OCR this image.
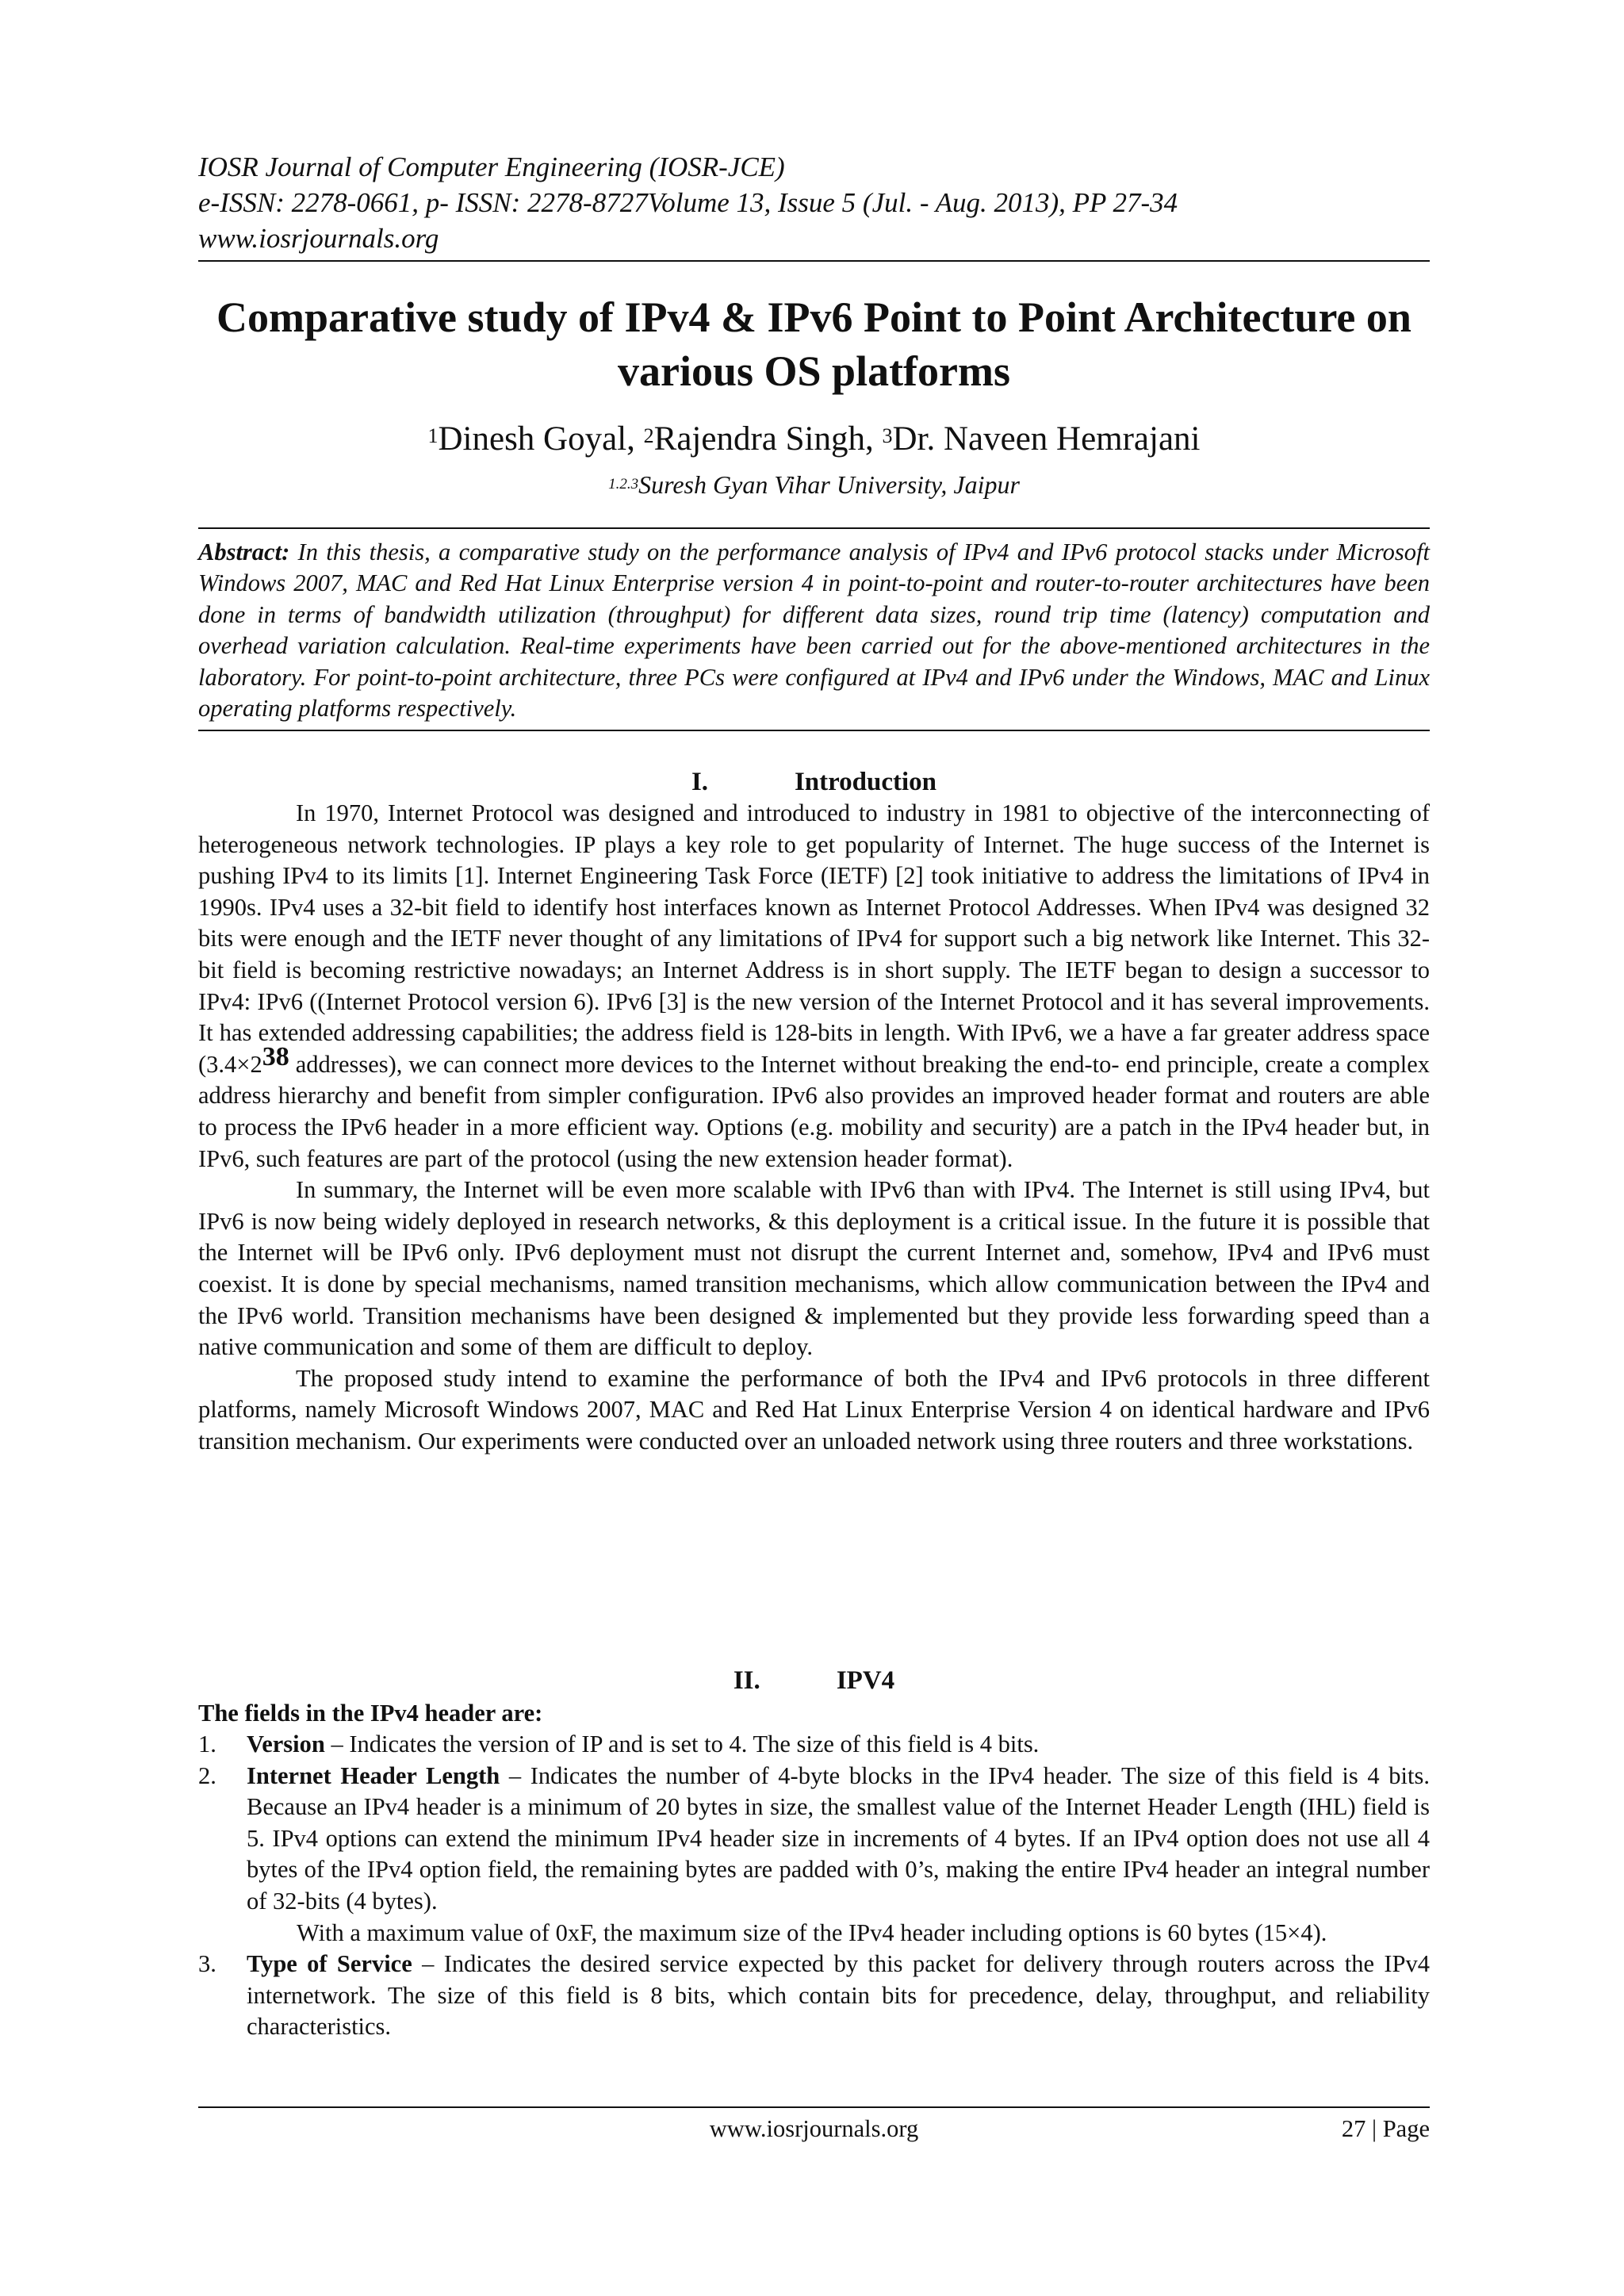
IOSR Journal of Computer Engineering (IOSR-JCE)
e-ISSN: 2278-0661, p- ISSN: 2278-8727Volume 13, Issue 5 (Jul. - Aug. 2013), PP 27-34
www.iosrjournals.org
Comparative study of IPv4 & IPv6 Point to Point Architecture on
various OS platforms
$^1$Dinesh Goyal, $^2$Rajendra Singh, $^3$Dr. Naveen Hemrajani
$^{1.2.3}$Suresh Gyan Vihar University, Jaipur
Abstract: In this thesis, a comparative study on the performance analysis of IPv4 and IPv6 protocol stacks under Microsoft Windows 2007, MAC and Red Hat Linux Enterprise version 4 in point-to-point and router-to-router architectures have been done in terms of bandwidth utilization (throughput) for different data sizes, round trip time (latency) computation and overhead variation calculation. Real-time experiments have been carried out for the above-mentioned architectures in the laboratory. For point-to-point architecture, three PCs were configured at IPv4 and IPv6 under the Windows, MAC and Linux operating platforms respectively.
I.	Introduction

In 1970, Internet Protocol was designed and introduced to industry in 1981 to objective of the interconnecting of heterogeneous network technologies. IP plays a key role to get popularity of Internet. The huge success of the Internet is pushing IPv4 to its limits [1]. Internet Engineering Task Force (IETF) [2] took initiative to address the limitations of IPv4 in 1990s. IPv4 uses a 32-bit field to identify host interfaces known as Internet Protocol Addresses. When IPv4 was designed 32 bits were enough and the IETF never thought of any limitations of IPv4 for support such a big network like Internet. This 32-bit field is becoming restrictive nowadays; an Internet Address is in short supply. The IETF began to design a successor to IPv4: IPv6 ((Internet Protocol version 6). IPv6 [3] is the new version of the Internet Protocol and it has several improvements. It has extended addressing capabilities; the address field is 128-bits in length. With IPv6, we a have a far greater address space (3.4×238 addresses), we can connect more devices to the Internet without breaking the end-to- end principle, create a complex address hierarchy and benefit from simpler configuration. IPv6 also provides an improved header format and routers are able to process the IPv6 header in a more efficient way. Options (e.g. mobility and security) are a patch in the IPv4 header but, in IPv6, such features are part of the protocol (using the new extension header format).

In summary, the Internet will be even more scalable with IPv6 than with IPv4. The Internet is still using IPv4, but IPv6 is now being widely deployed in research networks, & this deployment is a critical issue. In the future it is possible that the Internet will be IPv6 only. IPv6 deployment must not disrupt the current Internet and, somehow, IPv4 and IPv6 must coexist. It is done by special mechanisms, named transition mechanisms, which allow communication between the IPv4 and the IPv6 world. Transition mechanisms have been designed & implemented but they provide less forwarding speed than a native communication and some of them are difficult to deploy.

The proposed study intend to examine the performance of both the IPv4 and IPv6 protocols in three different platforms, namely Microsoft Windows 2007, MAC and Red Hat Linux Enterprise Version 4 on identical hardware and IPv6 transition mechanism. Our experiments were conducted over an unloaded network using three routers and three workstations.

II.	IPV4
The fields in the IPv4 header are:
1. Version – Indicates the version of IP and is set to 4. The size of this field is 4 bits.
2. Internet Header Length – Indicates the number of 4-byte blocks in the IPv4 header. The size of this field is 4 bits. Because an IPv4 header is a minimum of 20 bytes in size, the smallest value of the Internet Header Length (IHL) field is 5. IPv4 options can extend the minimum IPv4 header size in increments of 4 bytes. If an IPv4 option does not use all 4 bytes of the IPv4 option field, the remaining bytes are padded with 0’s, making the entire IPv4 header an integral number of 32-bits (4 bytes).
With a maximum value of 0xF, the maximum size of the IPv4 header including options is 60 bytes (15×4).
3. Type of Service – Indicates the desired service expected by this packet for delivery through routers across the IPv4 internetwork. The size of this field is 8 bits, which contain bits for precedence, delay, throughput, and reliability characteristics.
www.iosrjournals.org	27 | Page
